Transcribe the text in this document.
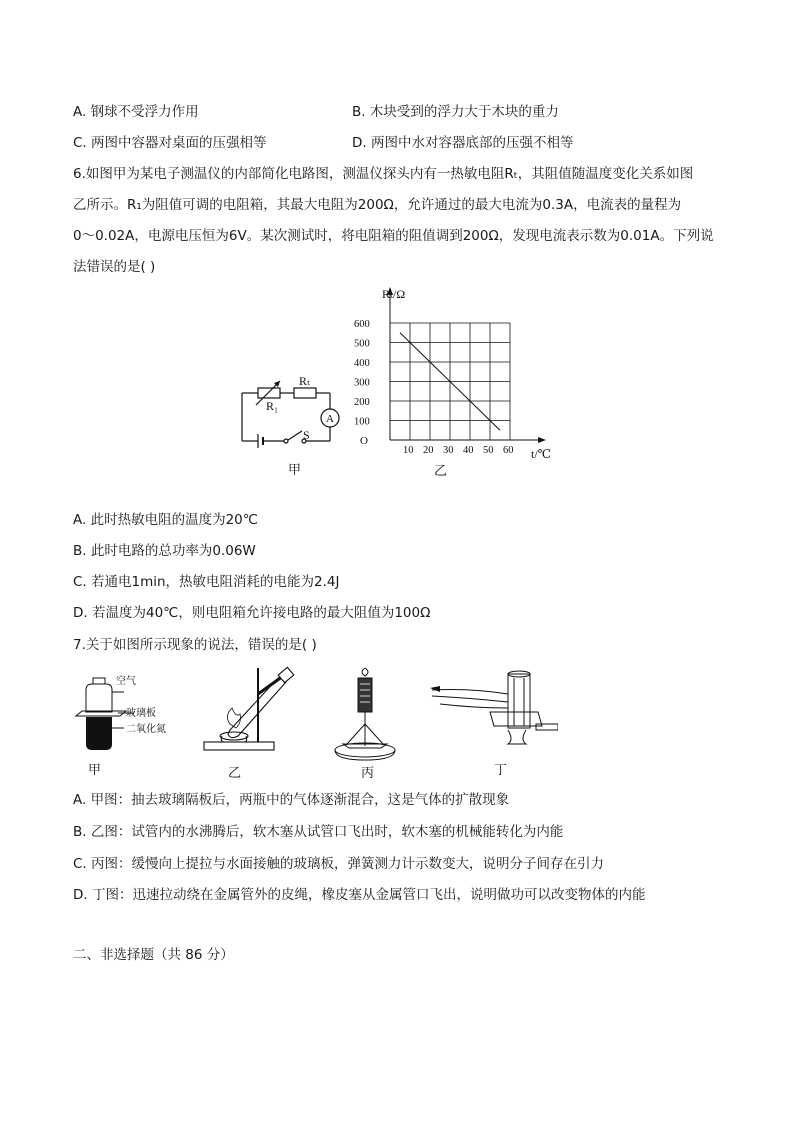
A. 钢球不受浮力作用	B. 木块受到的浮力大于木块的重力
C. 两图中容器对桌面的压强相等	D. 两图中水对容器底部的压强不相等
6.如图甲为某电子测温仪的内部简化电路图，测温仪探头内有一热敏电阻Rₜ，其阻值随温度变化关系如图
乙所示。R₁为阻值可调的电阻箱，其最大电阻为200Ω，允许通过的最大电流为0.3A，电流表的量程为
0～0.02A，电源电压恒为6V。某次测试时，将电阻箱的阻值调到200Ω，发现电流表示数为0.01A。下列说
法错误的是( )
R₁
Rₜ
A
S
甲
10 20 30 40 50 60
100
200
300
400
500
600
Rₜ/Ω
t/℃
O
乙
A. 此时热敏电阻的温度为20℃
B. 此时电路的总功率为0.06W
C. 若通电1min，热敏电阻消耗的电能为2.4J
D. 若温度为40℃，则电阻箱允许接电路的最大阻值为100Ω
7.关于如图所示现象的说法，错误的是( )
空气
玻璃板
二氧化氮
甲	乙	丙	丁
A. 甲图：抽去玻璃隔板后，两瓶中的气体逐渐混合，这是气体的扩散现象
B. 乙图：试管内的水沸腾后，软木塞从试管口飞出时，软木塞的机械能转化为内能
C. 丙图：缓慢向上提拉与水面接触的玻璃板，弹簧测力计示数变大，说明分子间存在引力
D. 丁图：迅速拉动绕在金属管外的皮绳，橡皮塞从金属管口飞出，说明做功可以改变物体的内能
二、非选择题（共 86 分）
